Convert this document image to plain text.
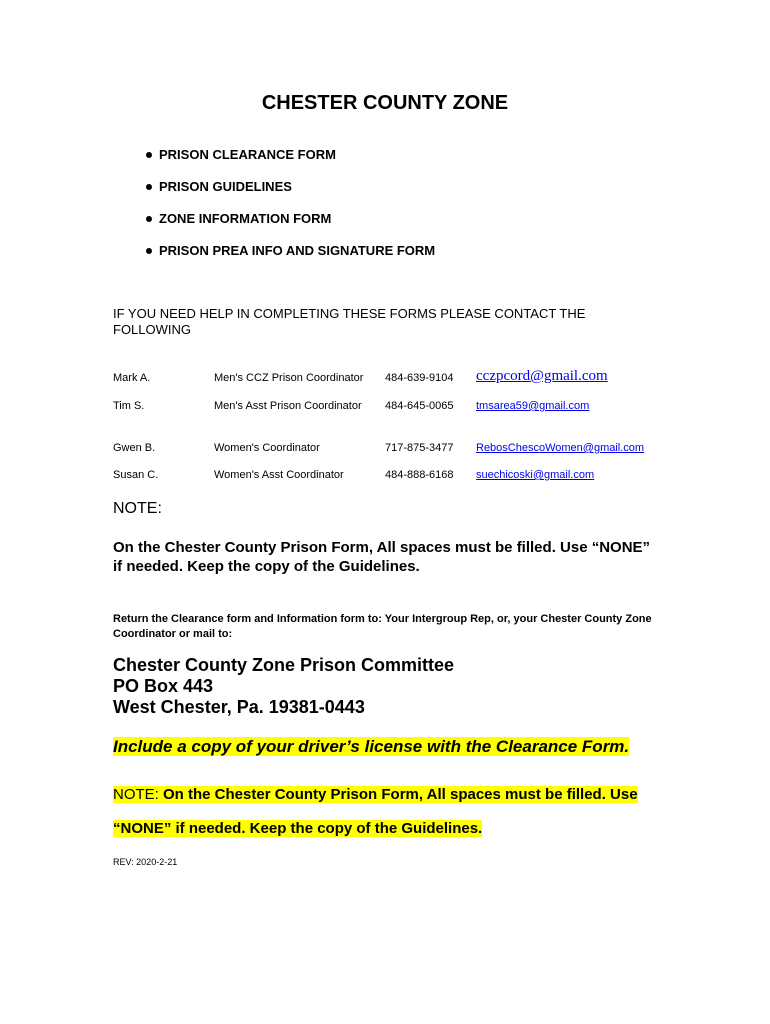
CHESTER COUNTY ZONE
PRISON CLEARANCE FORM
PRISON GUIDELINES
ZONE INFORMATION FORM
PRISON PREA INFO AND SIGNATURE FORM
IF YOU NEED HELP IN COMPLETING THESE FORMS PLEASE CONTACT THE FOLLOWING
Mark A.	Men's CCZ Prison Coordinator 484-639-9104 cczpcord@gmail.com
Tim S.	Men's Asst Prison Coordinator 484-645-0065 tmsarea59@gmail.com
Gwen B.	Women's Coordinator	717-875-3477 RebosChescoWomen@gmail.com
Susan C.	Women's Asst Coordinator	484-888-6168 suechicoski@gmail.com
NOTE:
On the Chester County Prison Form, All spaces must be filled. Use “NONE” if needed. Keep the copy of the Guidelines.
Return the Clearance form and Information form to: Your Intergroup Rep, or, your Chester County Zone Coordinator or mail to:
Chester County Zone Prison Committee
PO Box 443
West Chester, Pa. 19381-0443
Include a copy of your driver’s license with the Clearance Form.
NOTE: On the Chester County Prison Form, All spaces must be filled. Use “NONE” if needed. Keep the copy of the Guidelines.
REV: 2020-2-21
